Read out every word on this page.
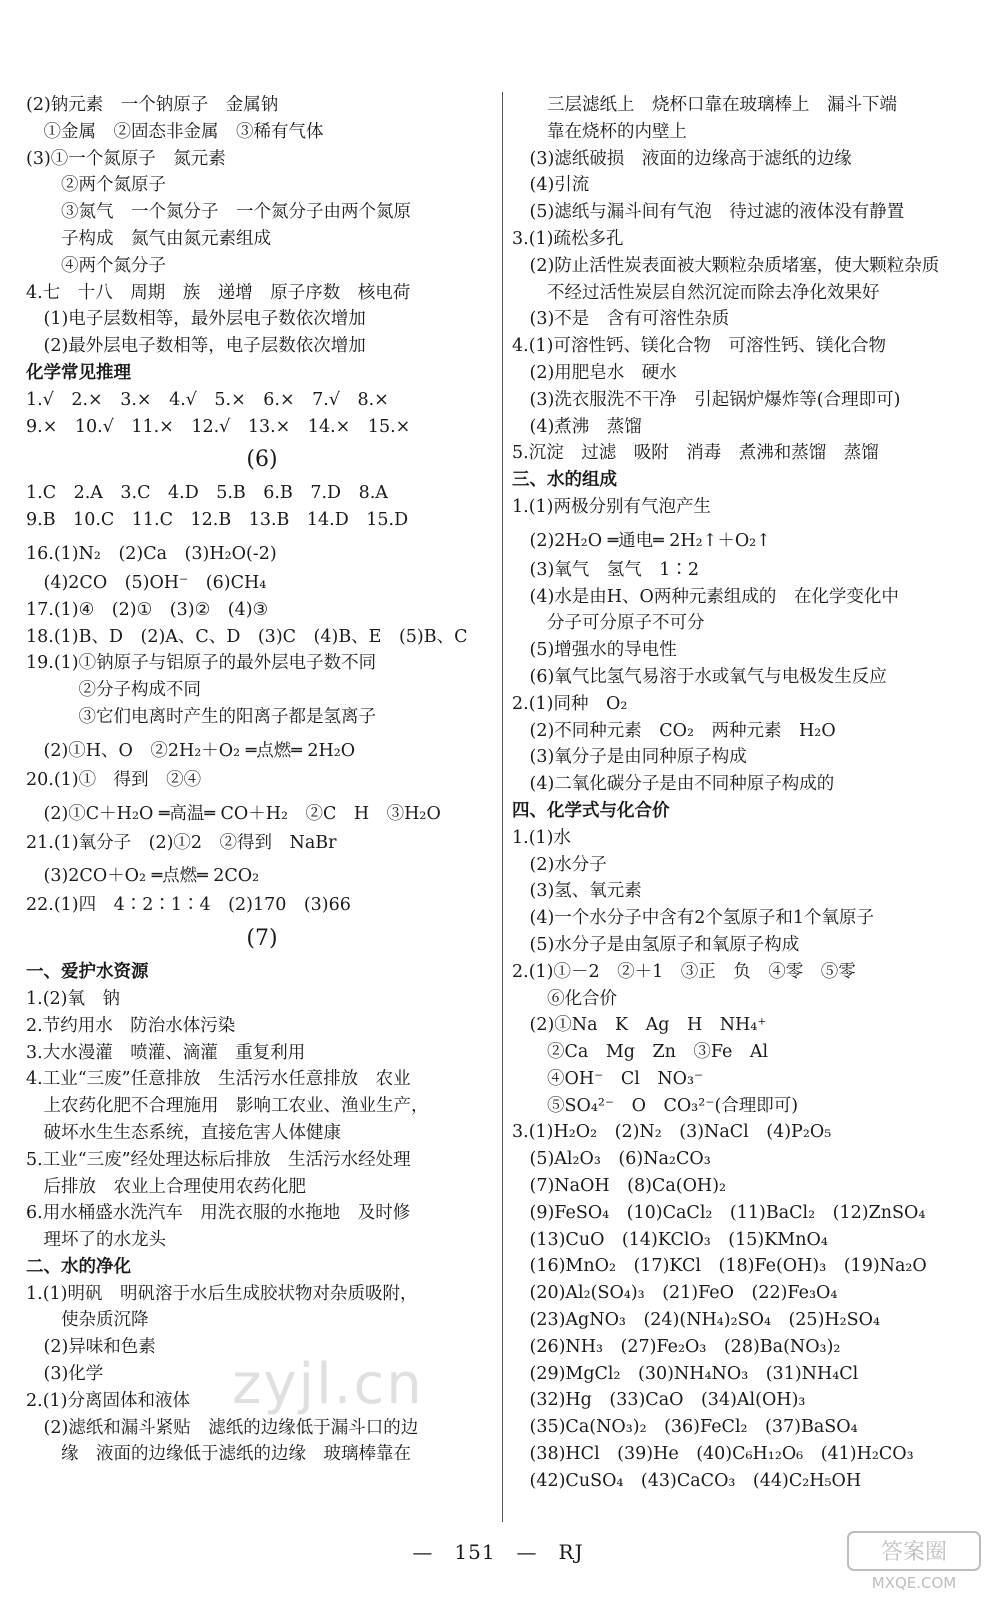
(2)钠元素　一个钠原子　金属钠
　①金属　②固态非金属　③稀有气体
(3)①一个氮原子　氮元素
　　②两个氮原子
　　③氮气　一个氮分子　一个氮分子由两个氮原
　　子构成　氮气由氮元素组成
　　④两个氮分子
4.七　十八　周期　族　递增　原子序数　核电荷
　(1)电子层数相等，最外层电子数依次增加
　(2)最外层电子数相等，电子层数依次增加
化学常见推理
1.√　2.×　3.×　4.√　5.×　6.×　7.√　8.×
9.×　10.√　11.×　12.√　13.×　14.×　15.×
(6)
1.C　2.A　3.C　4.D　5.B　6.B　7.D　8.A
9.B　10.C　11.C　12.B　13.B　14.D　15.D
16.(1)N₂　(2)Ca　(3)H₂O(-2)
　(4)2CO　(5)OH⁻　(6)CH₄
17.(1)④　(2)①　(3)②　(4)③
18.(1)B、D　(2)A、C、D　(3)C　(4)B、E　(5)B、C
19.(1)①钠原子与铝原子的最外层电子数不同
　　　②分子构成不同
　　　③它们电离时产生的阳离子都是氢离子
　(2)①H、O　②2H₂＋O₂ ═点燃═ 2H₂O
20.(1)①　得到　②④
　(2)①C＋H₂O ═高温═ CO＋H₂　②C　H　③H₂O
21.(1)氧分子　(2)①2　②得到　NaBr
　(3)2CO＋O₂ ═点燃═ 2CO₂
22.(1)四　4∶2∶1∶4　(2)170　(3)66
(7)
一、爱护水资源
1.(2)氧　钠
2.节约用水　防治水体污染
3.大水漫灌　喷灌、滴灌　重复利用
4.工业“三废”任意排放　生活污水任意排放　农业
　上农药化肥不合理施用　影响工农业、渔业生产，
　破坏水生生态系统，直接危害人体健康
5.工业“三废”经处理达标后排放　生活污水经处理
　后排放　农业上合理使用农药化肥
6.用水桶盛水洗汽车　用洗衣服的水拖地　及时修
　理坏了的水龙头
二、水的净化
1.(1)明矾　明矾溶于水后生成胶状物对杂质吸附，
　　使杂质沉降
　(2)异味和色素
　(3)化学
2.(1)分离固体和液体
　(2)滤纸和漏斗紧贴　滤纸的边缘低于漏斗口的边
　　缘　液面的边缘低于滤纸的边缘　玻璃棒靠在
　　三层滤纸上　烧杯口靠在玻璃棒上　漏斗下端
　　靠在烧杯的内壁上
　(3)滤纸破损　液面的边缘高于滤纸的边缘
　(4)引流
　(5)滤纸与漏斗间有气泡　待过滤的液体没有静置
3.(1)疏松多孔
　(2)防止活性炭表面被大颗粒杂质堵塞，使大颗粒杂质
　　不经过活性炭层自然沉淀而除去净化效果好
　(3)不是　含有可溶性杂质
4.(1)可溶性钙、镁化合物　可溶性钙、镁化合物
　(2)用肥皂水　硬水
　(3)洗衣服洗不干净　引起锅炉爆炸等(合理即可)
　(4)煮沸　蒸馏
5.沉淀　过滤　吸附　消毒　煮沸和蒸馏　蒸馏
三、水的组成
1.(1)两极分别有气泡产生
　(2)2H₂O ═通电═ 2H₂↑＋O₂↑
　(3)氧气　氢气　1∶2
　(4)水是由H、O两种元素组成的　在化学变化中
　　分子可分原子不可分
　(5)增强水的导电性
　(6)氧气比氢气易溶于水或氧气与电极发生反应
2.(1)同种　O₂
　(2)不同种元素　CO₂　两种元素　H₂O
　(3)氧分子是由同种原子构成
　(4)二氧化碳分子是由不同种原子构成的
四、化学式与化合价
1.(1)水
　(2)水分子
　(3)氢、氧元素
　(4)一个水分子中含有2个氢原子和1个氧原子
　(5)水分子是由氢原子和氧原子构成
2.(1)①－2　②＋1　③正　负　④零　⑤零
　　⑥化合价
　(2)①Na　K　Ag　H　NH₄⁺
　　②Ca　Mg　Zn　③Fe　Al
　　④OH⁻　Cl　NO₃⁻
　　⑤SO₄²⁻　O　CO₃²⁻(合理即可)
3.(1)H₂O₂　(2)N₂　(3)NaCl　(4)P₂O₅
　(5)Al₂O₃　(6)Na₂CO₃
　(7)NaOH　(8)Ca(OH)₂
　(9)FeSO₄　(10)CaCl₂　(11)BaCl₂　(12)ZnSO₄
　(13)CuO　(14)KClO₃　(15)KMnO₄
　(16)MnO₂　(17)KCl　(18)Fe(OH)₃　(19)Na₂O
　(20)Al₂(SO₄)₃　(21)FeO　(22)Fe₃O₄
　(23)AgNO₃　(24)(NH₄)₂SO₄　(25)H₂SO₄
　(26)NH₃　(27)Fe₂O₃　(28)Ba(NO₃)₂
　(29)MgCl₂　(30)NH₄NO₃　(31)NH₄Cl
　(32)Hg　(33)CaO　(34)Al(OH)₃
　(35)Ca(NO₃)₂　(36)FeCl₂　(37)BaSO₄
　(38)HCl　(39)He　(40)C₆H₁₂O₆　(41)H₂CO₃
　(42)CuSO₄　(43)CaCO₃　(44)C₂H₅OH
—　151　—　RJ
zyjl.cn
答案圈
MXQE.COM
